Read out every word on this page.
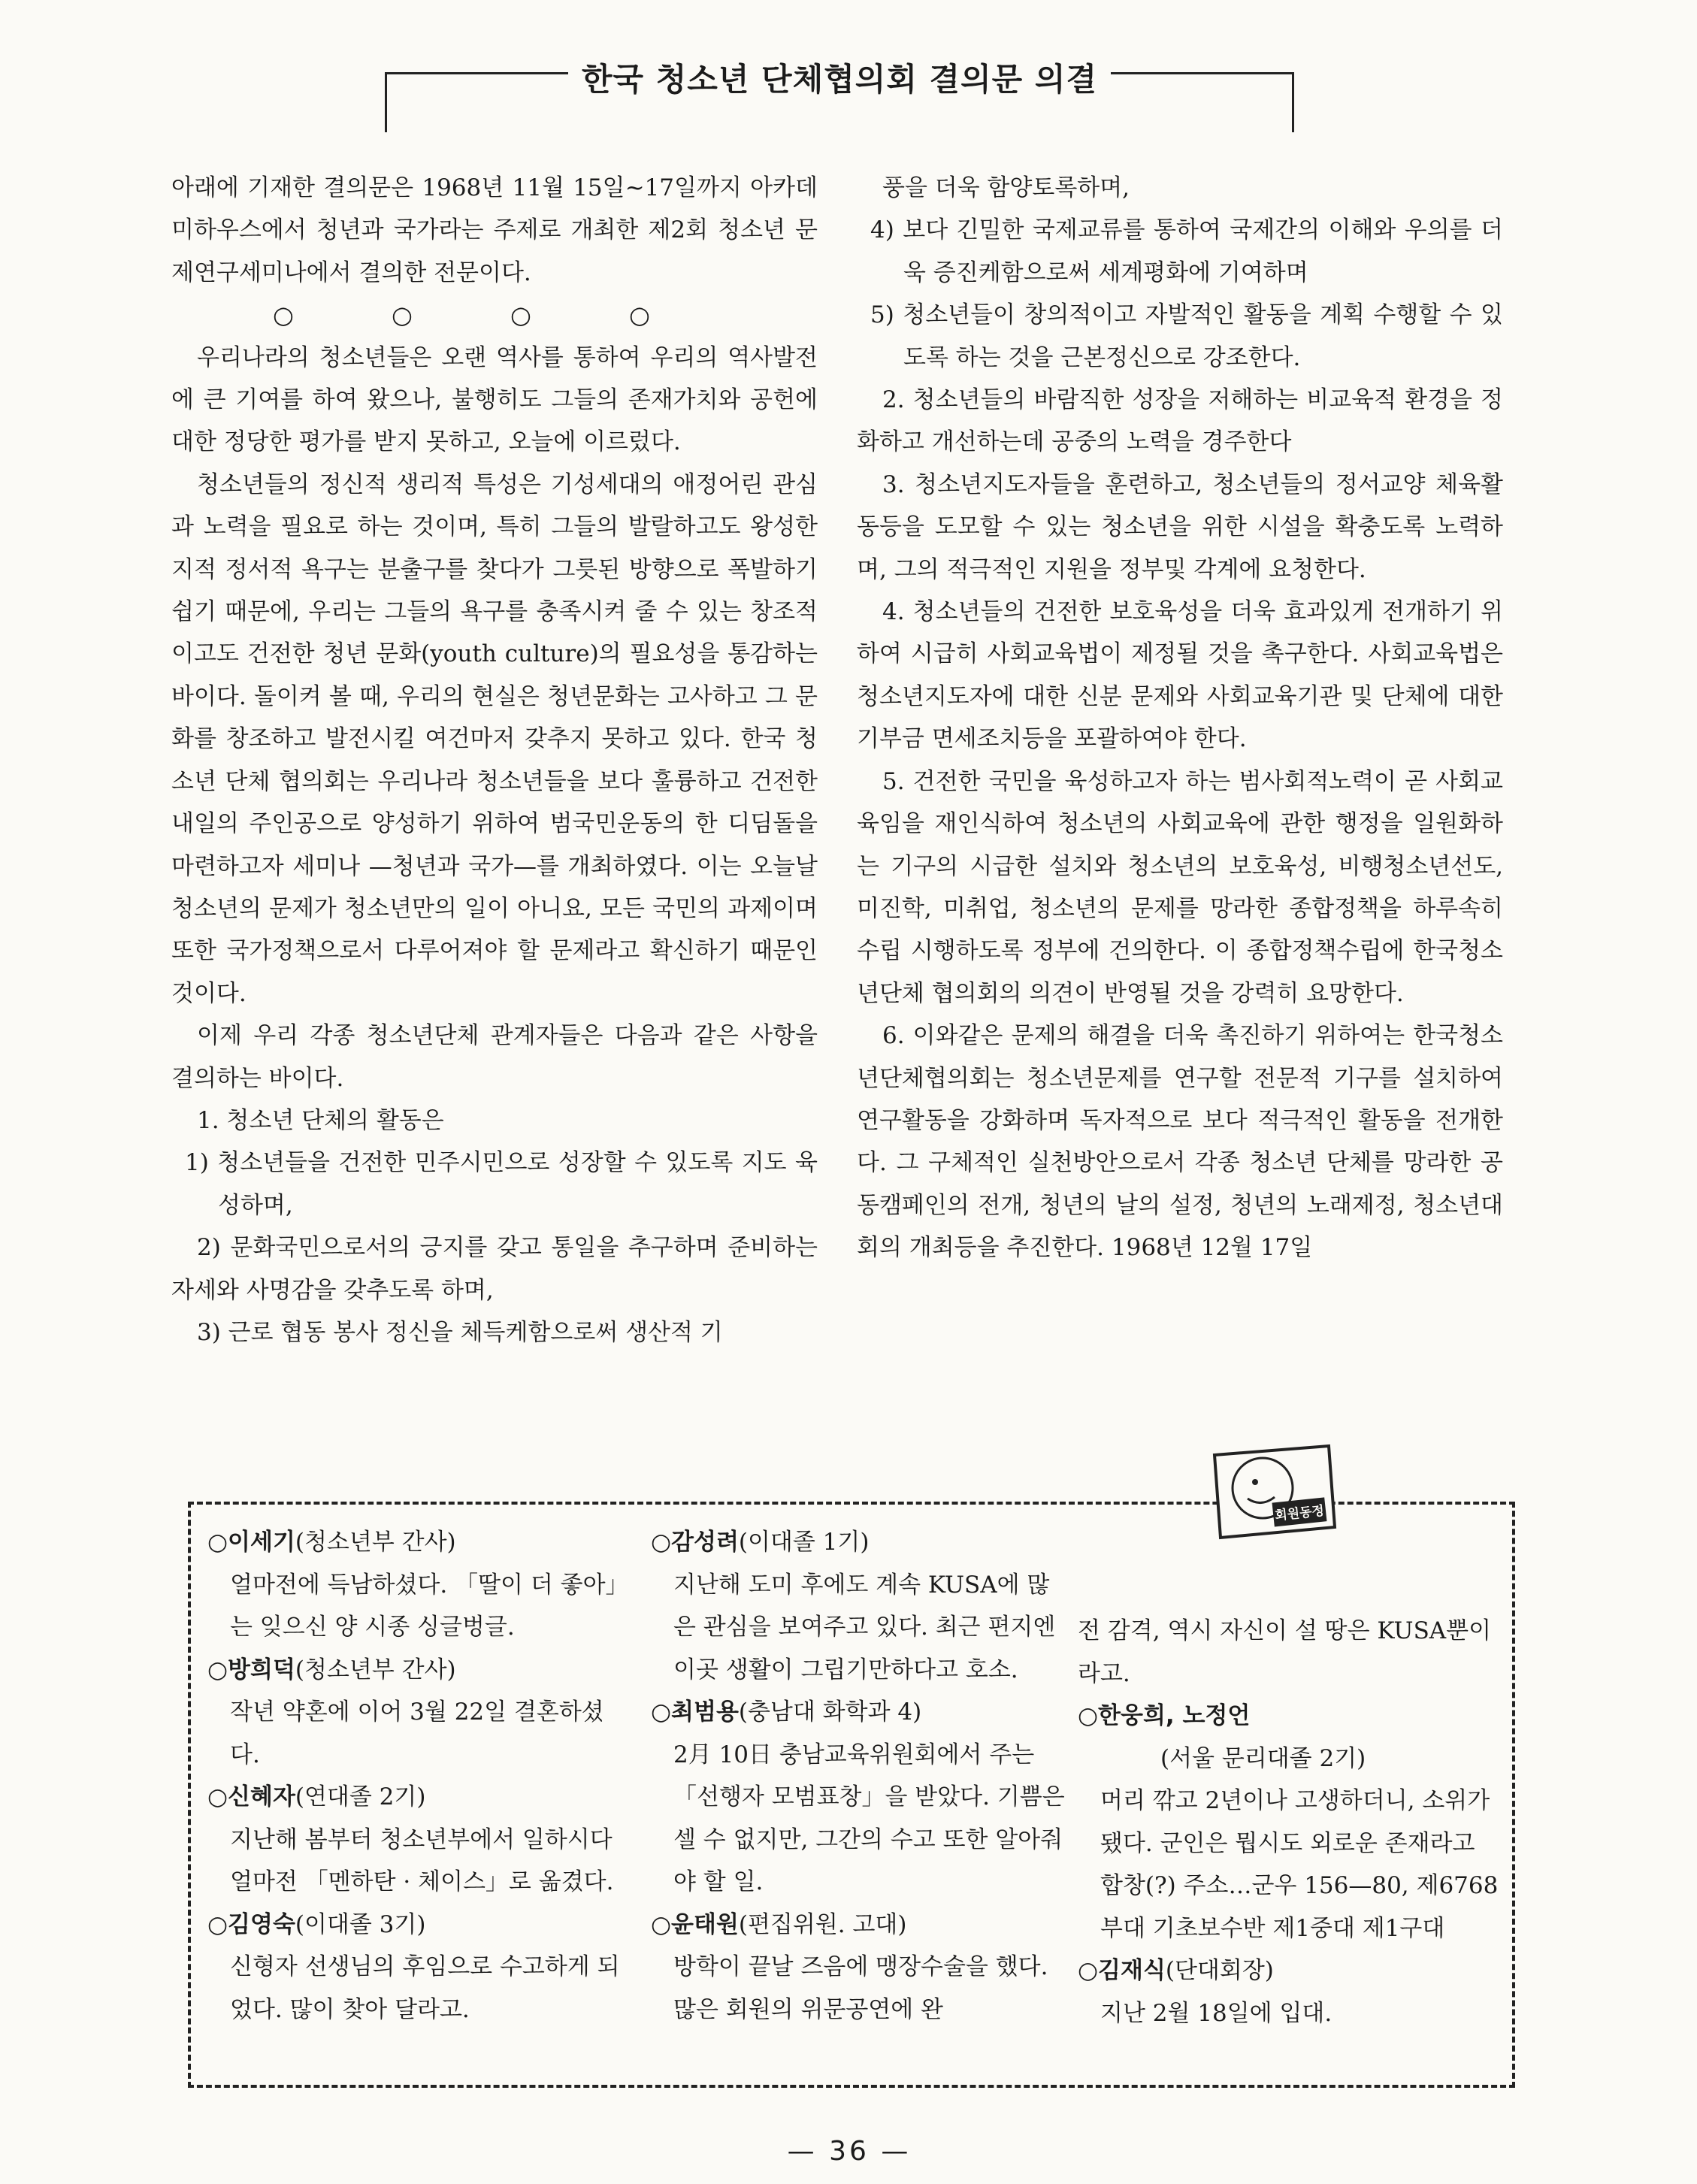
한국 청소년 단체협의회 결의문 의결

아래에 기재한 결의문은 1968년 11월 15일~17일까지 아카데미하우스에서 청년과 국가라는 주제로 개최한 제2회 청소년 문제연구세미나에서 결의한 전문이다.

○	○	○	○

우리나라의 청소년들은 오랜 역사를 통하여 우리의 역사발전에 큰 기여를 하여 왔으나, 불행히도 그들의 존재가치와 공헌에 대한 정당한 평가를 받지 못하고, 오늘에 이르렀다.

청소년들의 정신적 생리적 특성은 기성세대의 애정어린 관심과 노력을 필요로 하는 것이며, 특히 그들의 발랄하고도 왕성한 지적 정서적 욕구는 분출구를 찾다가 그릇된 방향으로 폭발하기 쉽기 때문에, 우리는 그들의 욕구를 충족시켜 줄 수 있는 창조적이고도 건전한 청년 문화(youth culture)의 필요성을 통감하는 바이다. 돌이켜 볼 때, 우리의 현실은 청년문화는 고사하고 그 문화를 창조하고 발전시킬 여건마저 갖추지 못하고 있다. 한국 청소년 단체 협의회는 우리나라 청소년들을 보다 훌륭하고 건전한 내일의 주인공으로 양성하기 위하여 범국민운동의 한 디딤돌을 마련하고자 세미나 —청년과 국가—를 개최하였다. 이는 오늘날 청소년의 문제가 청소년만의 일이 아니요, 모든 국민의 과제이며 또한 국가정책으로서 다루어져야 할 문제라고 확신하기 때문인 것이다.

이제 우리 각종 청소년단체 관계자들은 다음과 같은 사항을 결의하는 바이다.

1. 청소년 단체의 활동은

1) 청소년들을 건전한 민주시민으로 성장할 수 있도록 지도 육성하며,

2) 문화국민으로서의 긍지를 갖고 통일을 추구하며 준비하는 자세와 사명감을 갖추도록 하며,

3) 근로 협동 봉사 정신을 체득케함으로써 생산적 기

풍을 더욱 함양토록하며,

4) 보다 긴밀한 국제교류를 통하여 국제간의 이해와 우의를 더욱 증진케함으로써 세계평화에 기여하며

5) 청소년들이 창의적이고 자발적인 활동을 계획 수행할 수 있도록 하는 것을 근본정신으로 강조한다.

2. 청소년들의 바람직한 성장을 저해하는 비교육적 환경을 정화하고 개선하는데 공중의 노력을 경주한다

3. 청소년지도자들을 훈련하고, 청소년들의 정서교양 체육활동등을 도모할 수 있는 청소년을 위한 시설을 확충도록 노력하며, 그의 적극적인 지원을 정부및 각계에 요청한다.

4. 청소년들의 건전한 보호육성을 더욱 효과있게 전개하기 위하여 시급히 사회교육법이 제정될 것을 촉구한다. 사회교육법은 청소년지도자에 대한 신분 문제와 사회교육기관 및 단체에 대한 기부금 면세조치등을 포괄하여야 한다.

5. 건전한 국민을 육성하고자 하는 범사회적노력이 곧 사회교육임을 재인식하여 청소년의 사회교육에 관한 행정을 일원화하는 기구의 시급한 설치와 청소년의 보호육성, 비행청소년선도, 미진학, 미취업, 청소년의 문제를 망라한 종합정책을 하루속히 수립 시행하도록 정부에 건의한다. 이 종합정책수립에 한국청소년단체 협의회의 의견이 반영될 것을 강력히 요망한다.

6. 이와같은 문제의 해결을 더욱 촉진하기 위하여는 한국청소년단체협의회는 청소년문제를 연구할 전문적 기구를 설치하여 연구활동을 강화하며 독자적으로 보다 적극적인 활동을 전개한다. 그 구체적인 실천방안으로서 각종 청소년 단체를 망라한 공동캠페인의 전개, 청년의 날의 설정, 청년의 노래제정, 청소년대회의 개최등을 추진한다. 1968년 12월 17일

○이세기(청소년부 간사)

얼마전에 득남하셨다. 「딸이 더 좋아」는 잊으신 양 시종 싱글벙글.

○방희덕(청소년부 간사)

작년 약혼에 이어 3월 22일 결혼하셨다.

○신혜자(연대졸 2기)

지난해 봄부터 청소년부에서 일하시다 얼마전 「멘하탄 · 체이스」로 옮겼다.

○김영숙(이대졸 3기)

신형자 선생님의 후임으로 수고하게 되었다. 많이 찾아 달라고.

○감성려(이대졸 1기)

지난해 도미 후에도 계속 KUSA에 많은 관심을 보여주고 있다. 최근 편지엔 이곳 생활이 그립기만하다고 호소.

○최범용(충남대 화학과 4)

2月 10日 충남교육위원회에서 주는 「선행자 모범표창」을 받았다. 기쁨은 셀 수 없지만, 그간의 수고 또한 알아줘야 할 일.

○윤태원(편집위원. 고대)

방학이 끝날 즈음에 맹장수술을 했다. 많은 회원의 위문공연에 완

전 감격, 역시 자신이 설 땅은 KUSA뿐이라고.

○한웅희, 노정언

(서울 문리대졸 2기)

머리 깎고 2년이나 고생하더니, 소위가 됐다. 군인은 뭡시도 외로운 존재라고 합창(?) 주소…군우 156—80, 제6768부대 기초보수반 제1중대 제1구대

○김재식(단대회장)

지난 2월 18일에 입대.

회원동정
— 36 —
